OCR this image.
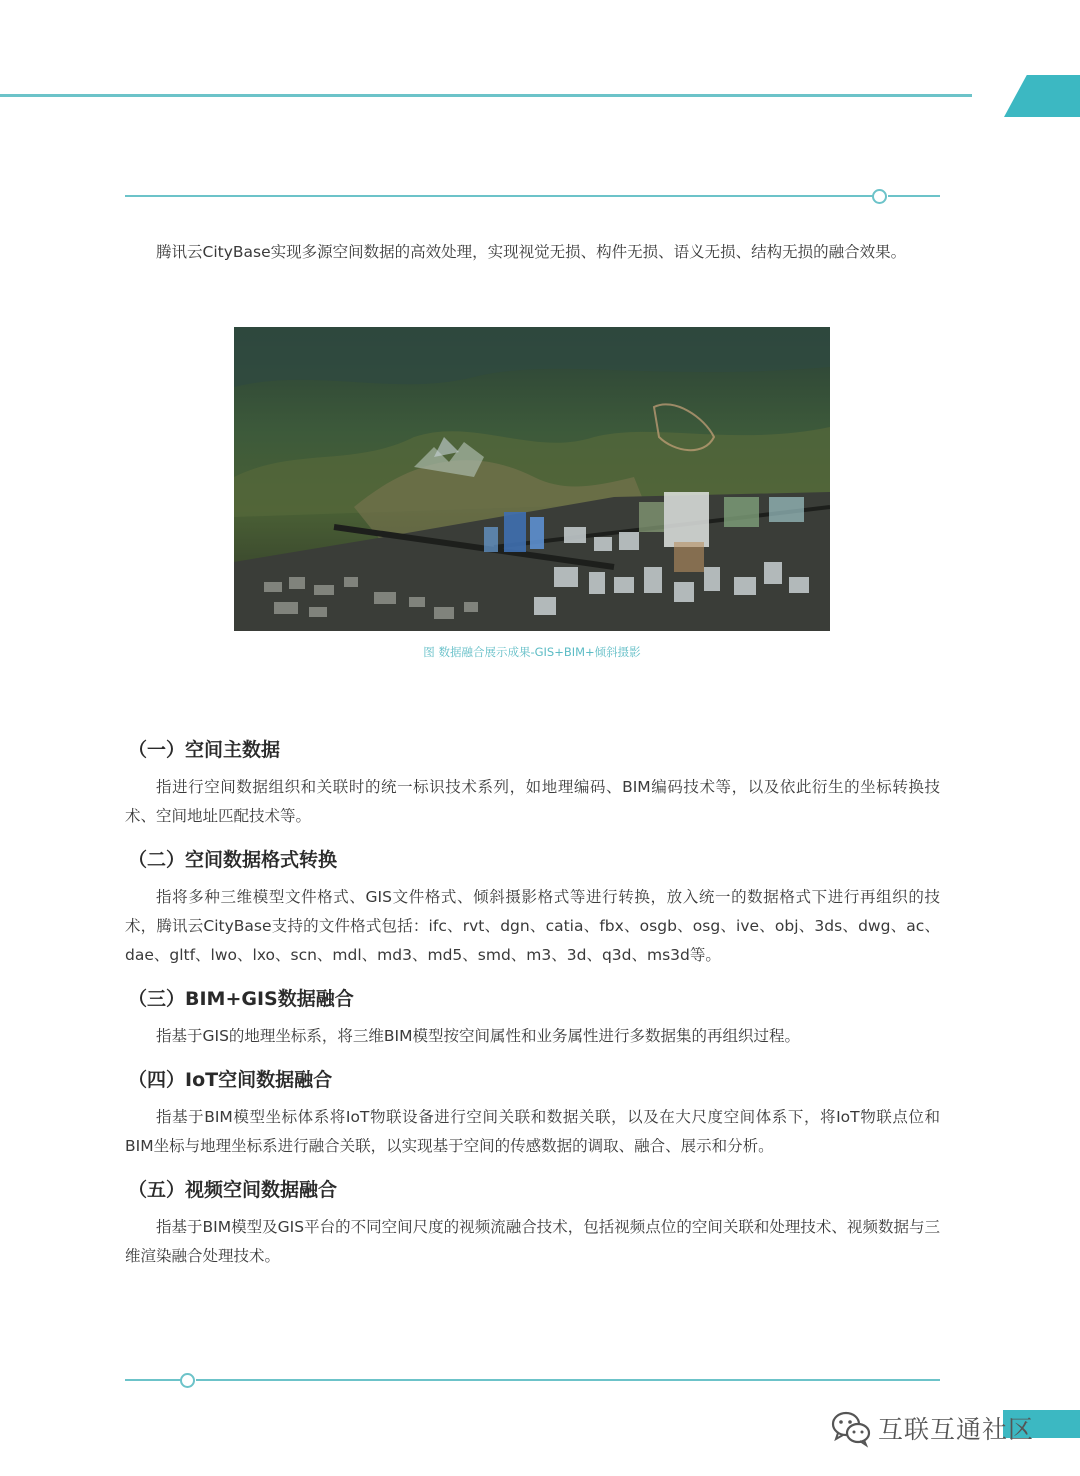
腾讯云CityBase实现多源空间数据的高效处理，实现视觉无损、构件无损、语义无损、结构无损的融合效果。

图 数据融合展示成果-GIS+BIM+倾斜摄影
（一）空间主数据

指进行空间数据组织和关联时的统一标识技术系列，如地理编码、BIM编码技术等，以及依此衍生的坐标转换技术、空间地址匹配技术等。

（二）空间数据格式转换

指将多种三维模型文件格式、GIS文件格式、倾斜摄影格式等进行转换，放入统一的数据格式下进行再组织的技术，腾讯云CityBase支持的文件格式包括：ifc、rvt、dgn、catia、fbx、osgb、osg、ive、obj、3ds、dwg、ac、dae、gltf、lwo、lxo、scn、mdl、md3、md5、smd、m3、3d、q3d、ms3d等。

（三）BIM+GIS数据融合

指基于GIS的地理坐标系，将三维BIM模型按空间属性和业务属性进行多数据集的再组织过程。

（四）IoT空间数据融合

指基于BIM模型坐标体系将IoT物联设备进行空间关联和数据关联，以及在大尺度空间体系下，将IoT物联点位和BIM坐标与地理坐标系进行融合关联，以实现基于空间的传感数据的调取、融合、展示和分析。

（五）视频空间数据融合

指基于BIM模型及GIS平台的不同空间尺度的视频流融合技术，包括视频点位的空间关联和处理技术、视频数据与三维渲染融合处理技术。

互联互通社区
